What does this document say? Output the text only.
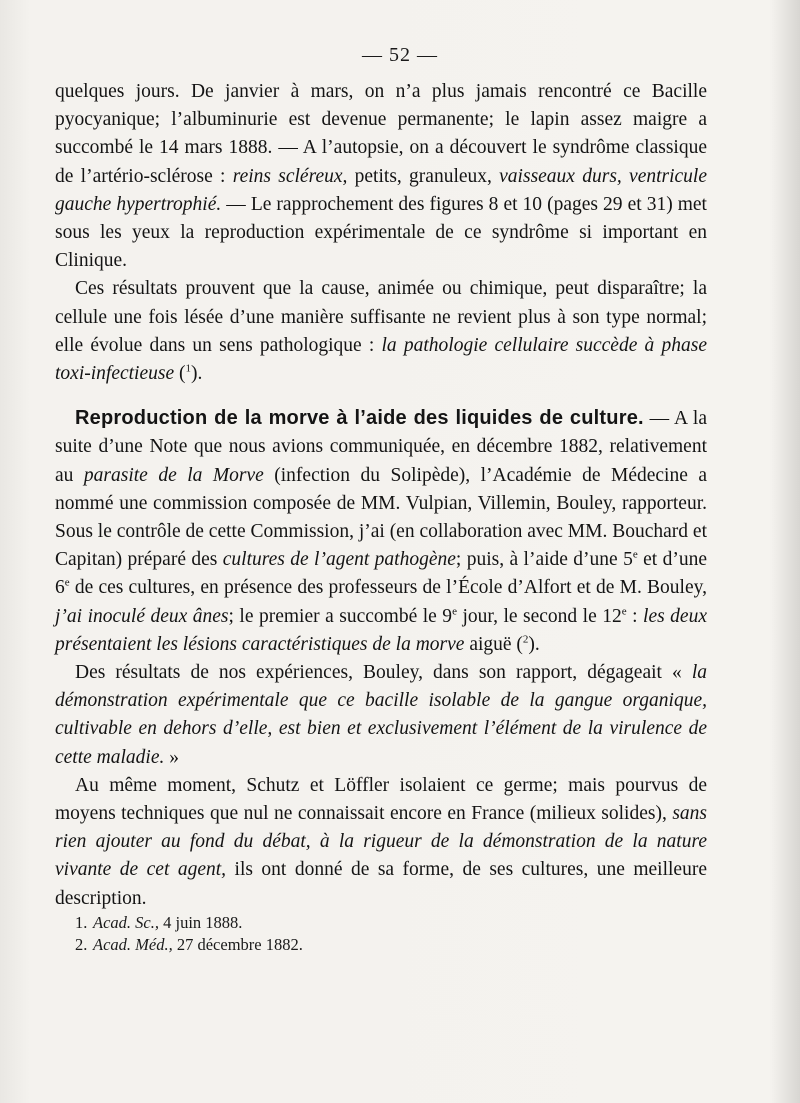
— 52 —

quelques jours. De janvier à mars, on n’a plus jamais rencontré ce Bacille pyocyanique; l’albuminurie est devenue permanente; le lapin assez maigre a succombé le 14 mars 1888. — A l’autopsie, on a découvert le syndrôme classique de l’artério-sclérose : reins scléreux, petits, granuleux, vaisseaux durs, ventricule gauche hypertrophié. — Le rapprochement des figures 8 et 10 (pages 29 et 31) met sous les yeux la reproduction expérimentale de ce syndrôme si important en Clinique.

Ces résultats prouvent que la cause, animée ou chimique, peut disparaître; la cellule une fois lésée d’une manière suffisante ne revient plus à son type normal; elle évolue dans un sens pathologique : la pathologie cellulaire succède à phase toxi-infectieuse ($^1$).

Reproduction de la morve à l’aide des liquides de culture. — A la suite d’une Note que nous avions communiquée, en décembre 1882, relativement au parasite de la Morve (infection du Solipède), l’Académie de Médecine a nommé une commission composée de MM. Vulpian, Villemin, Bouley, rapporteur. Sous le contrôle de cette Commission, j’ai (en collaboration avec MM. Bouchard et Capitan) préparé des cultures de l’agent pathogène; puis, à l’aide d’une 5e et d’une 6e de ces cultures, en présence des professeurs de l’École d’Alfort et de M. Bouley, j’ai inoculé deux ânes; le premier a succombé le 9e jour, le second le 12e : les deux présentaient les lésions caractéristiques de la morve aiguë ($^2$).

Des résultats de nos expériences, Bouley, dans son rapport, dégageait « la démonstration expérimentale que ce bacille isolable de la gangue organique, cultivable en dehors d’elle, est bien et exclusivement l’élément de la virulence de cette maladie. »

Au même moment, Schutz et Löffler isolaient ce germe; mais pourvus de moyens techniques que nul ne connaissait encore en France (milieux solides), sans rien ajouter au fond du débat, à la rigueur de la démonstration de la nature vivante de cet agent, ils ont donné de sa forme, de ses cultures, une meilleure description.

1. Acad. Sc., 4 juin 1888.
2. Acad. Méd., 27 décembre 1882.
